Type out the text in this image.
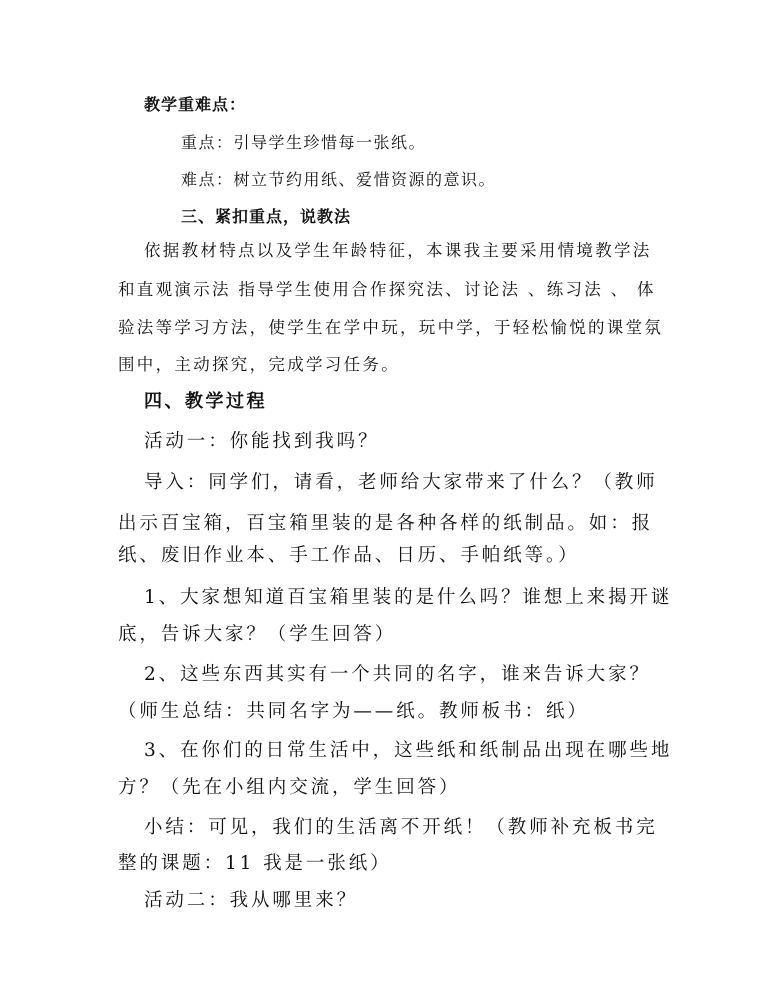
教学重难点：
重点：引导学生珍惜每一张纸。
难点：树立节约用纸、爱惜资源的意识。
三、紧扣重点，说教法
依据教材特点以及学生年龄特征，本课我主要采用情境教学法
和直观演示法 指导学生使用合作探究法、讨论法 、练习法 、 体
验法等学习方法，使学生在学中玩，玩中学，于轻松愉悦的课堂氛
围中，主动探究，完成学习任务。
四、教学过程
活动一：你能找到我吗？
导入：同学们，请看，老师给大家带来了什么？（教师
出示百宝箱，百宝箱里装的是各种各样的纸制品。如：报
纸、废旧作业本、手工作品、日历、手帕纸等。）
1、大家想知道百宝箱里装的是什么吗？谁想上来揭开谜
底，告诉大家？（学生回答）
2、这些东西其实有一个共同的名字，谁来告诉大家？
（师生总结：共同名字为——纸。教师板书：纸）
3、在你们的日常生活中，这些纸和纸制品出现在哪些地
方？（先在小组内交流，学生回答）
小结：可见，我们的生活离不开纸！（教师补充板书完
整的课题：11 我是一张纸）
活动二：我从哪里来？
